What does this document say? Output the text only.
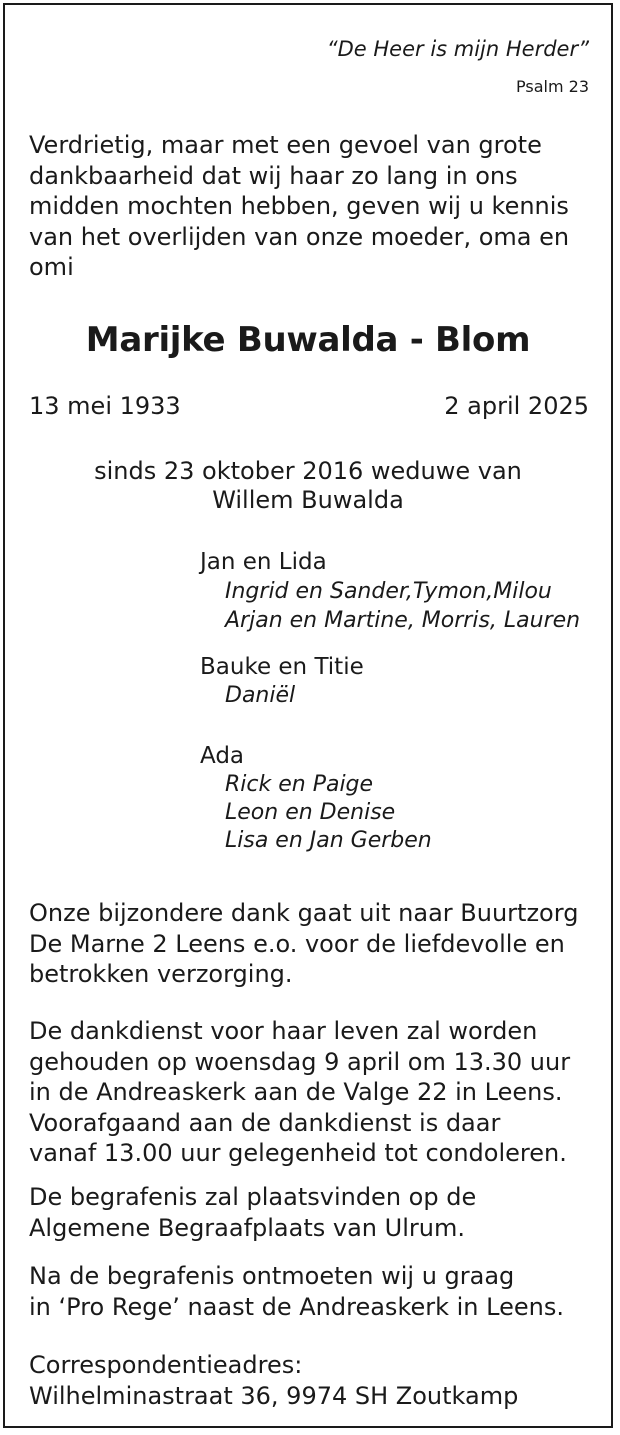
“De Heer is mijn Herder”

Psalm 23

Verdrietig, maar met een gevoel van grote
dankbaarheid dat wij haar zo lang in ons
midden mochten hebben, geven wij u kennis
van het overlijden van onze moeder, oma en
omi

Marijke Buwalda - Blom

13 mei 1933	2 april 2025

sinds 23 oktober 2016 weduwe van
Willem Buwalda

Jan en Lida

Ingrid en Sander,Tymon,Milou

Arjan en Martine, Morris, Lauren

Bauke en Titie

Daniël

Ada

Rick en Paige

Leon en Denise

Lisa en Jan Gerben

Onze bijzondere dank gaat uit naar Buurtzorg
De Marne 2 Leens e.o. voor de liefdevolle en
betrokken verzorging.
De dankdienst voor haar leven zal worden
gehouden op woensdag 9 april om 13.30 uur
in de Andreaskerk aan de Valge 22 in Leens.
Voorafgaand aan de dankdienst is daar
vanaf 13.00 uur gelegenheid tot condoleren.
De begrafenis zal plaatsvinden op de
Algemene Begraafplaats van Ulrum.
Na de begrafenis ontmoeten wij u graag
in ‘Pro Rege’ naast de Andreaskerk in Leens.
Correspondentieadres:
Wilhelminastraat 36, 9974 SH Zoutkamp
